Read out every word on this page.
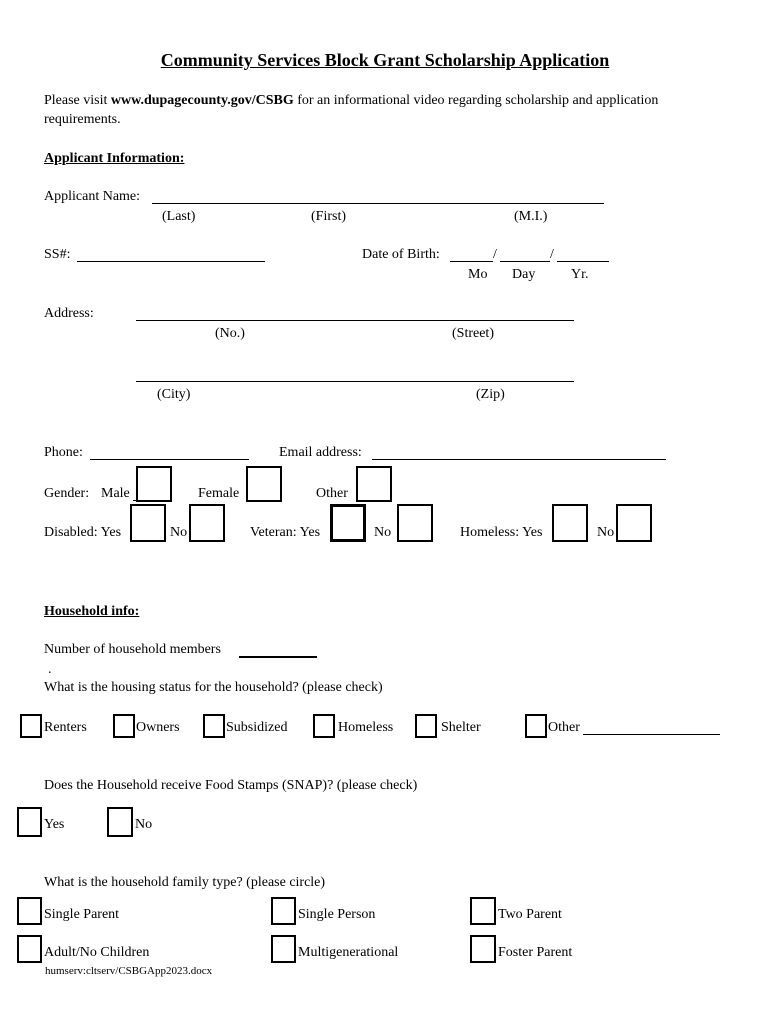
Community Services Block Grant Scholarship Application
Please visit www.dupagecounty.gov/CSBG for an informational video regarding scholarship and application
requirements.
Applicant Information:
Applicant Name:
(Last)	(First)	(M.I.)
SS#:	Date of Birth:	/	/
Mo Day	Yr.
Address:
(No.)	(Street)
(City)	(Zip)
Phone:	Email address:
Gender: Male	Female	Other
Disabled: Yes	No	Veteran: Yes	No	Homeless: Yes	No
Household info:
Number of household members
.
What is the housing status for the household? (please check)
Renters	Owners	Subsidized	Homeless	Shelter	Other
Does the Household receive Food Stamps (SNAP)? (please check)
Yes	No
What is the household family type? (please circle)
Single Parent	Single Person	Two Parent
Adult/No Children	Multigenerational	Foster Parent
humserv:cltserv/CSBGApp2023.docx
